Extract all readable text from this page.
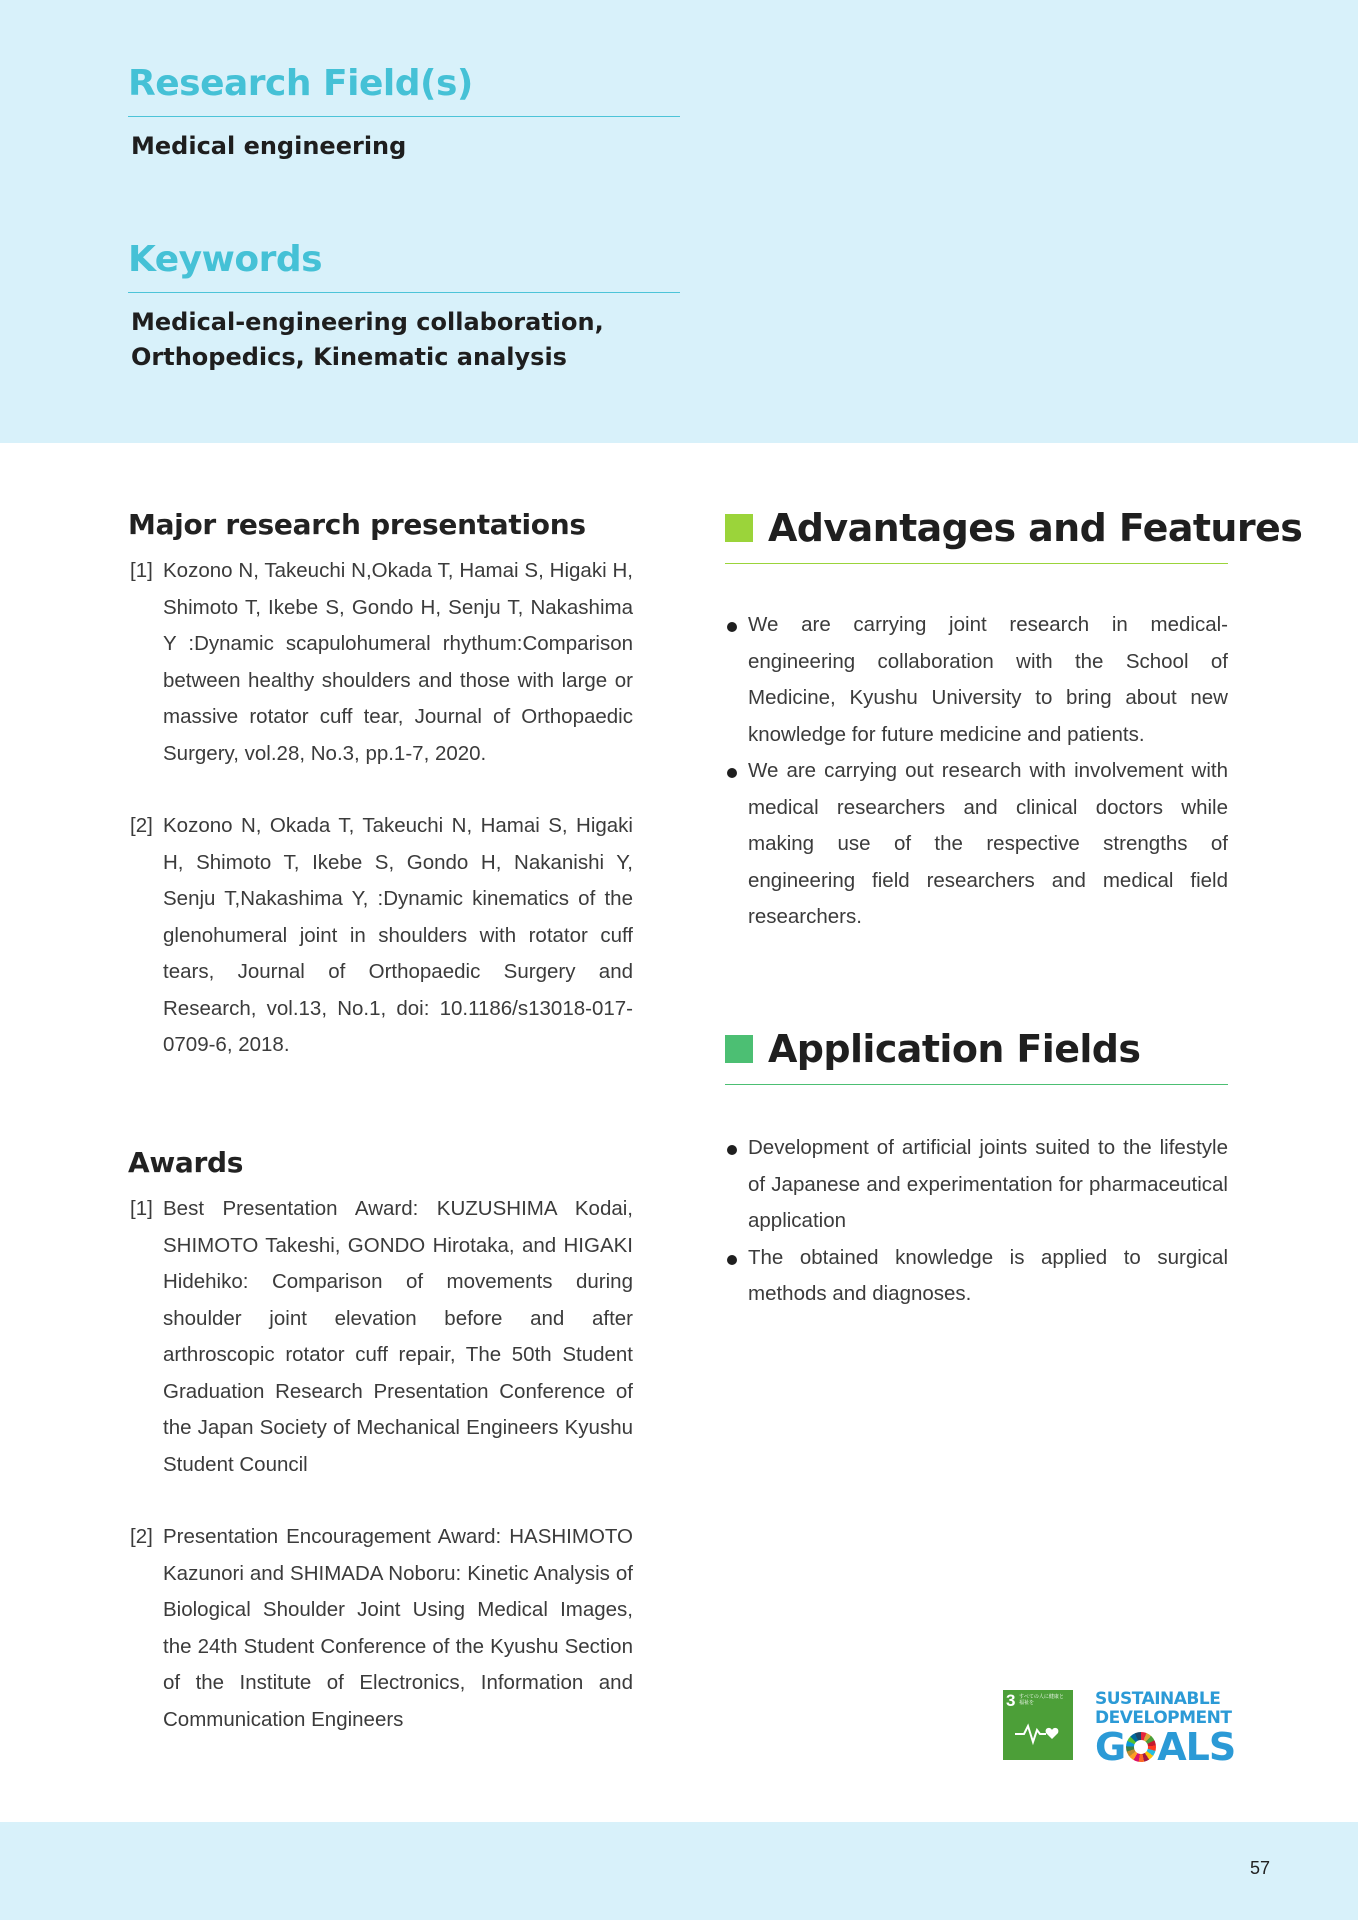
Research Field(s)
Medical engineering
Keywords
Medical-engineering collaboration,
Orthopedics, Kinematic analysis
Major research presentations
[1] Kozono N, Takeuchi N,Okada T, Hamai S, Higaki H, Shimoto T, Ikebe S, Gondo H, Senju T, Nakashima Y :Dynamic scapulohumeral rhythum:Comparison between healthy shoulders and those with large or massive rotator cuff tear, Journal of Orthopaedic Surgery, vol.28, No.3, pp.1-7, 2020.
[2] Kozono N, Okada T, Takeuchi N, Hamai S, Higaki H, Shimoto T, Ikebe S, Gondo H, Nakanishi Y, Senju T,Nakashima Y, :Dynamic kinematics of the glenohumeral joint in shoulders with rotator cuff tears, Journal of Orthopaedic Surgery and Research, vol.13, No.1, doi: 10.1186/s13018-017-0709-6, 2018.
Awards
[1] Best Presentation Award: KUZUSHIMA Kodai, SHIMOTO Takeshi, GONDO Hirotaka, and HIGAKI Hidehiko: Comparison of movements during shoulder joint elevation before and after arthroscopic rotator cuff repair, The 50th Student Graduation Research Presentation Conference of the Japan Society of Mechanical Engineers Kyushu Student Council
[2] Presentation Encouragement Award: HASHIMOTO Kazunori and SHIMADA Noboru: Kinetic Analysis of Biological Shoulder Joint Using Medical Images, the 24th Student Conference of the Kyushu Section of the Institute of Electronics, Information and Communication Engineers
Advantages and Features
We are carrying joint research in medical-engineering collaboration with the School of Medicine, Kyushu University to bring about new knowledge for future medicine and patients.
We are carrying out research with involvement with medical researchers and clinical doctors while making use of the respective strengths of engineering field researchers and medical field researchers.
Application Fields
Development of artificial joints suited to the lifestyle of Japanese and experimentation for pharmaceutical application
The obtained knowledge is applied to surgical methods and diagnoses.
3 すべての人に健康と福祉を	SUSTAINABLE
DEVELOPMENT
G ALS
57
